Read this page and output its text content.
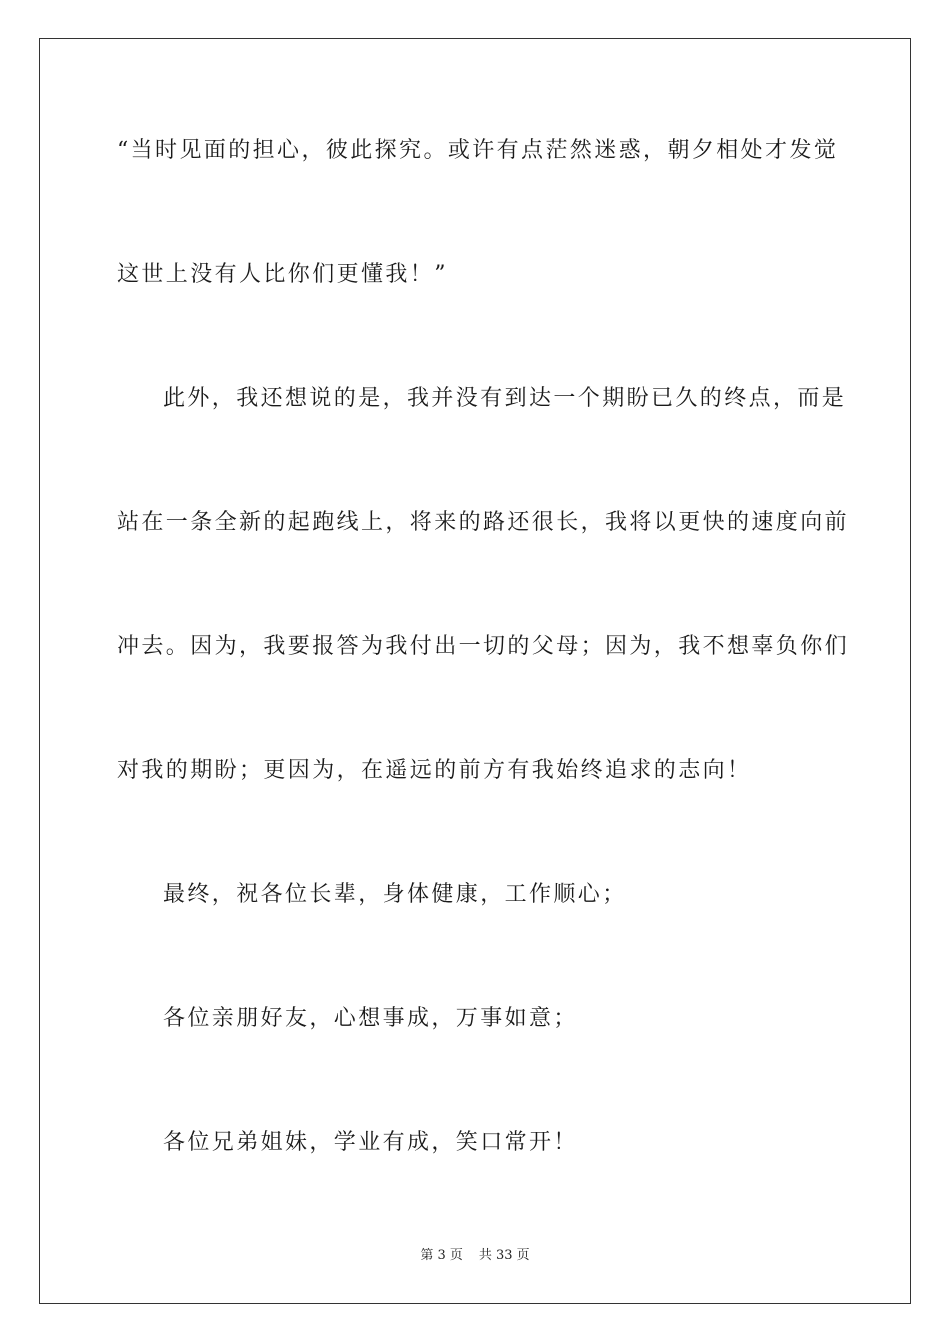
“当时见面的担心，彼此探究。或许有点茫然迷惑，朝夕相处才发觉
这世上没有人比你们更懂我！”
此外，我还想说的是，我并没有到达一个期盼已久的终点，而是
站在一条全新的起跑线上，将来的路还很长，我将以更快的速度向前
冲去。因为，我要报答为我付出一切的父母；因为，我不想辜负你们
对我的期盼；更因为，在遥远的前方有我始终追求的志向！
最终，祝各位长辈，身体健康，工作顺心；
各位亲朋好友，心想事成，万事如意；
各位兄弟姐妹，学业有成，笑口常开！
第 3 页 共 33 页
